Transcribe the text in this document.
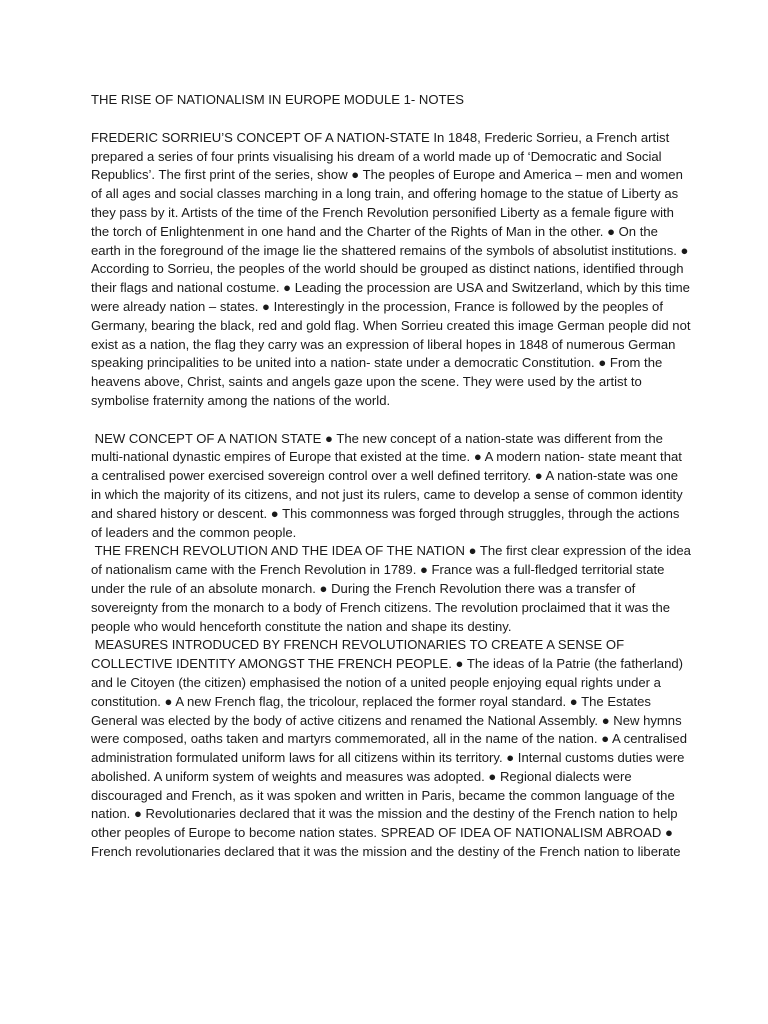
THE RISE OF NATIONALISM IN EUROPE MODULE 1- NOTES

FREDERIC SORRIEU’S CONCEPT OF A NATION-STATE In 1848, Frederic Sorrieu, a French artist prepared a series of four prints visualising his dream of a world made up of ‘Democratic and Social Republics’. The first print of the series, show ● The peoples of Europe and America – men and women of all ages and social classes marching in a long train, and offering homage to the statue of Liberty as they pass by it. Artists of the time of the French Revolution personified Liberty as a female figure with the torch of Enlightenment in one hand and the Charter of the Rights of Man in the other. ● On the earth in the foreground of the image lie the shattered remains of the symbols of absolutist institutions. ● According to Sorrieu, the peoples of the world should be grouped as distinct nations, identified through their flags and national costume. ● Leading the procession are USA and Switzerland, which by this time were already nation – states. ● Interestingly in the procession, France is followed by the peoples of Germany, bearing the black, red and gold flag. When Sorrieu created this image German people did not exist as a nation, the flag they carry was an expression of liberal hopes in 1848 of numerous German speaking principalities to be united into a nation- state under a democratic Constitution. ● From the heavens above, Christ, saints and angels gaze upon the scene. They were used by the artist to symbolise fraternity among the nations of the world.

NEW CONCEPT OF A NATION STATE ● The new concept of a nation-state was different from the multi-national dynastic empires of Europe that existed at the time. ● A modern nation- state meant that a centralised power exercised sovereign control over a well defined territory. ● A nation-state was one in which the majority of its citizens, and not just its rulers, came to develop a sense of common identity and shared history or descent. ● This commonness was forged through struggles, through the actions of leaders and the common people.

THE FRENCH REVOLUTION AND THE IDEA OF THE NATION ● The first clear expression of the idea of nationalism came with the French Revolution in 1789. ● France was a full-fledged territorial state under the rule of an absolute monarch. ● During the French Revolution there was a transfer of sovereignty from the monarch to a body of French citizens. The revolution proclaimed that it was the people who would henceforth constitute the nation and shape its destiny.

MEASURES INTRODUCED BY FRENCH REVOLUTIONARIES TO CREATE A SENSE OF COLLECTIVE IDENTITY AMONGST THE FRENCH PEOPLE. ● The ideas of la Patrie (the fatherland) and le Citoyen (the citizen) emphasised the notion of a united people enjoying equal rights under a constitution. ● A new French flag, the tricolour, replaced the former royal standard. ● The Estates General was elected by the body of active citizens and renamed the National Assembly. ● New hymns were composed, oaths taken and martyrs commemorated, all in the name of the nation. ● A centralised administration formulated uniform laws for all citizens within its territory. ● Internal customs duties were abolished. A uniform system of weights and measures was adopted. ● Regional dialects were discouraged and French, as it was spoken and written in Paris, became the common language of the nation. ● Revolutionaries declared that it was the mission and the destiny of the French nation to help other peoples of Europe to become nation states. SPREAD OF IDEA OF NATIONALISM ABROAD ● French revolutionaries declared that it was the mission and the destiny of the French nation to liberate
